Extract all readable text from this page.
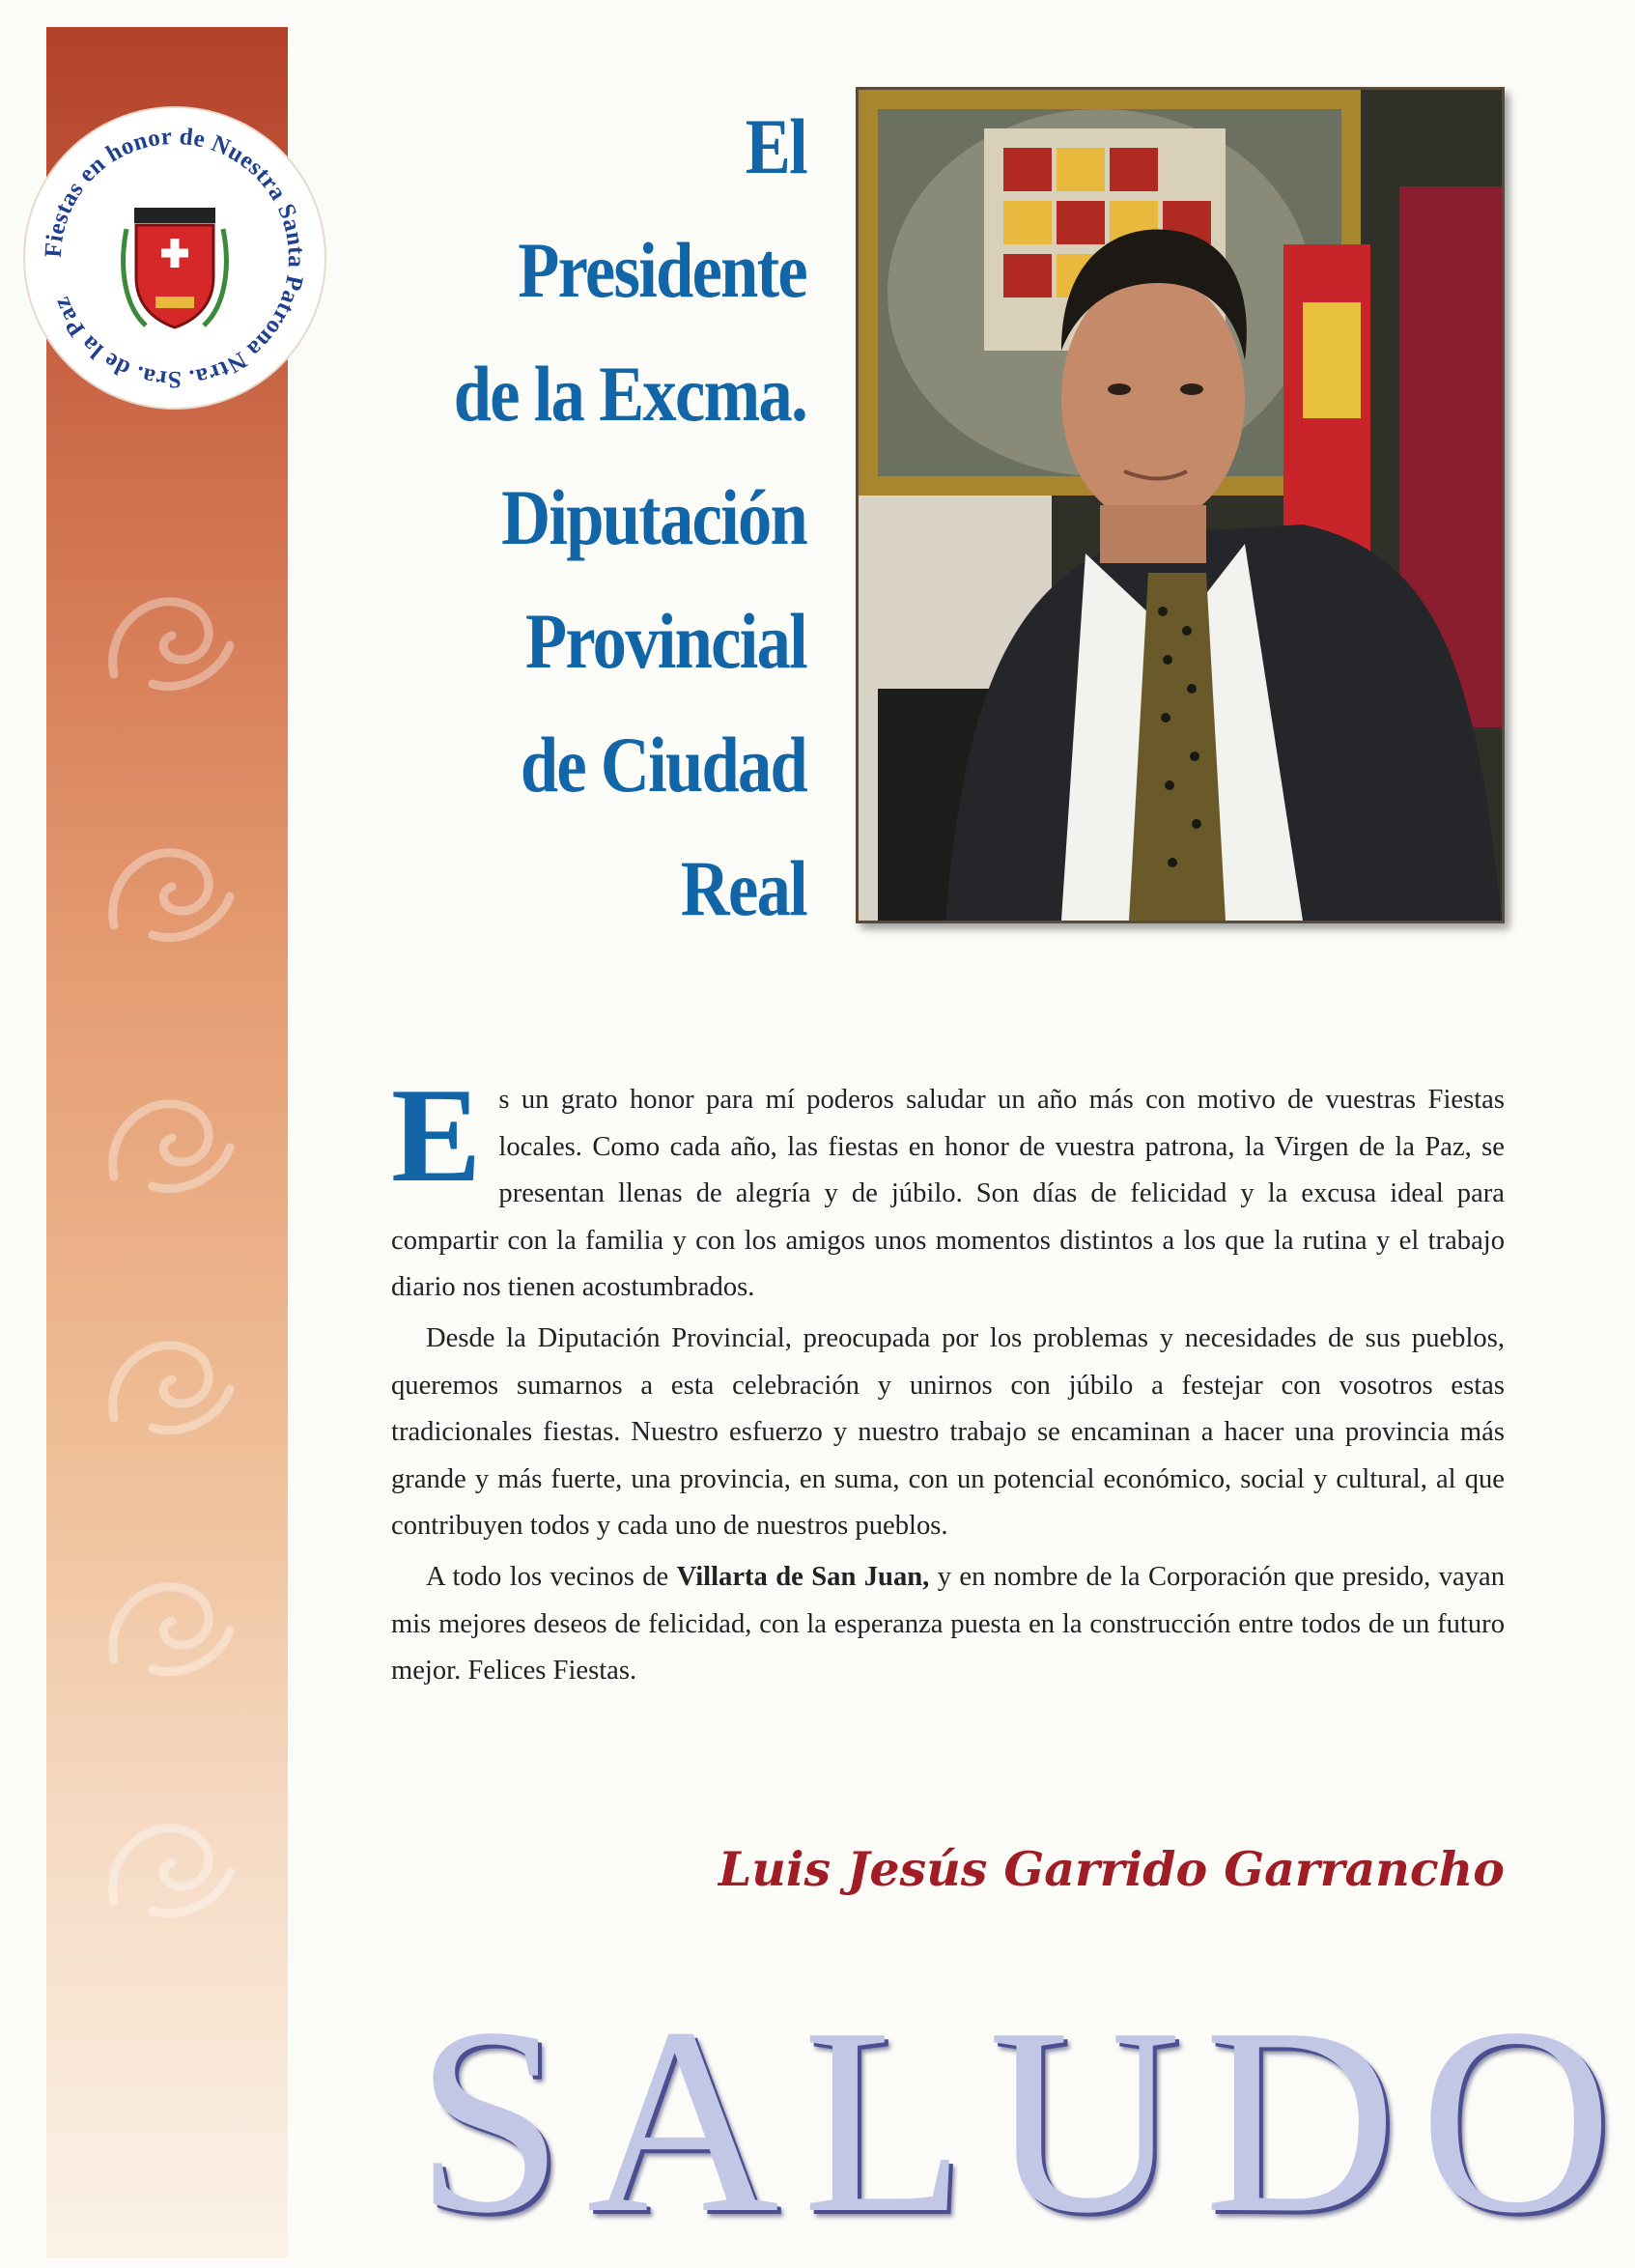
Fiestas en honor de Nuestra Santa Patrona Ntra. Sra. de la Paz
El
Presidente
de la Excma.
Diputación
Provincial
de Ciudad
Real

Es un grato honor para mí poderos saludar un año más con motivo de vuestras Fiestas locales. Como cada año, las fiestas en honor de vuestra patrona, la Virgen de la Paz, se presentan llenas de alegría y de júbilo. Son días de felicidad y la excusa ideal para compartir con la familia y con los amigos unos momentos distintos a los que la rutina y el trabajo diario nos tienen acostumbrados.

Desde la Diputación Provincial, preocupada por los problemas y necesidades de sus pueblos, queremos sumarnos a esta celebración y unirnos con júbilo a festejar con vosotros estas tradicionales fiestas. Nuestro esfuerzo y nuestro trabajo se encaminan a hacer una provincia más grande y más fuerte, una provincia, en suma, con un potencial económico, social y cultural, al que contribuyen todos y cada uno de nuestros pueblos.

A todo los vecinos de Villarta de San Juan, y en nombre de la Corporación que presido, vayan mis mejores deseos de felicidad, con la esperanza puesta en la construcción entre todos de un futuro mejor. Felices Fiestas.

Luis Jesús Garrido Garrancho
SALUDO
